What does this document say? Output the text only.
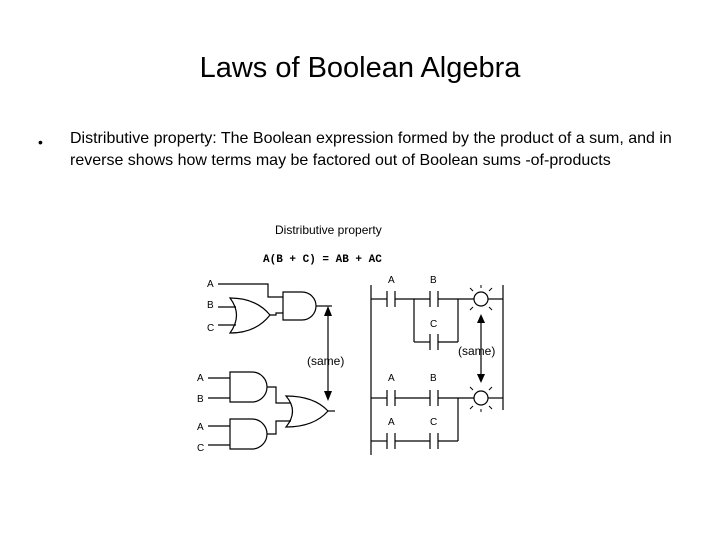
Laws of Boolean Algebra
• Distributive property: The Boolean expression formed by the product of a sum, and in reverse shows how terms may be factored out of Boolean sums -of-products
Distributive property
A(B + C) = AB + AC
A
B
C
(same)
A
B
A
C
A	B
C
A	B
A	C
(same)
